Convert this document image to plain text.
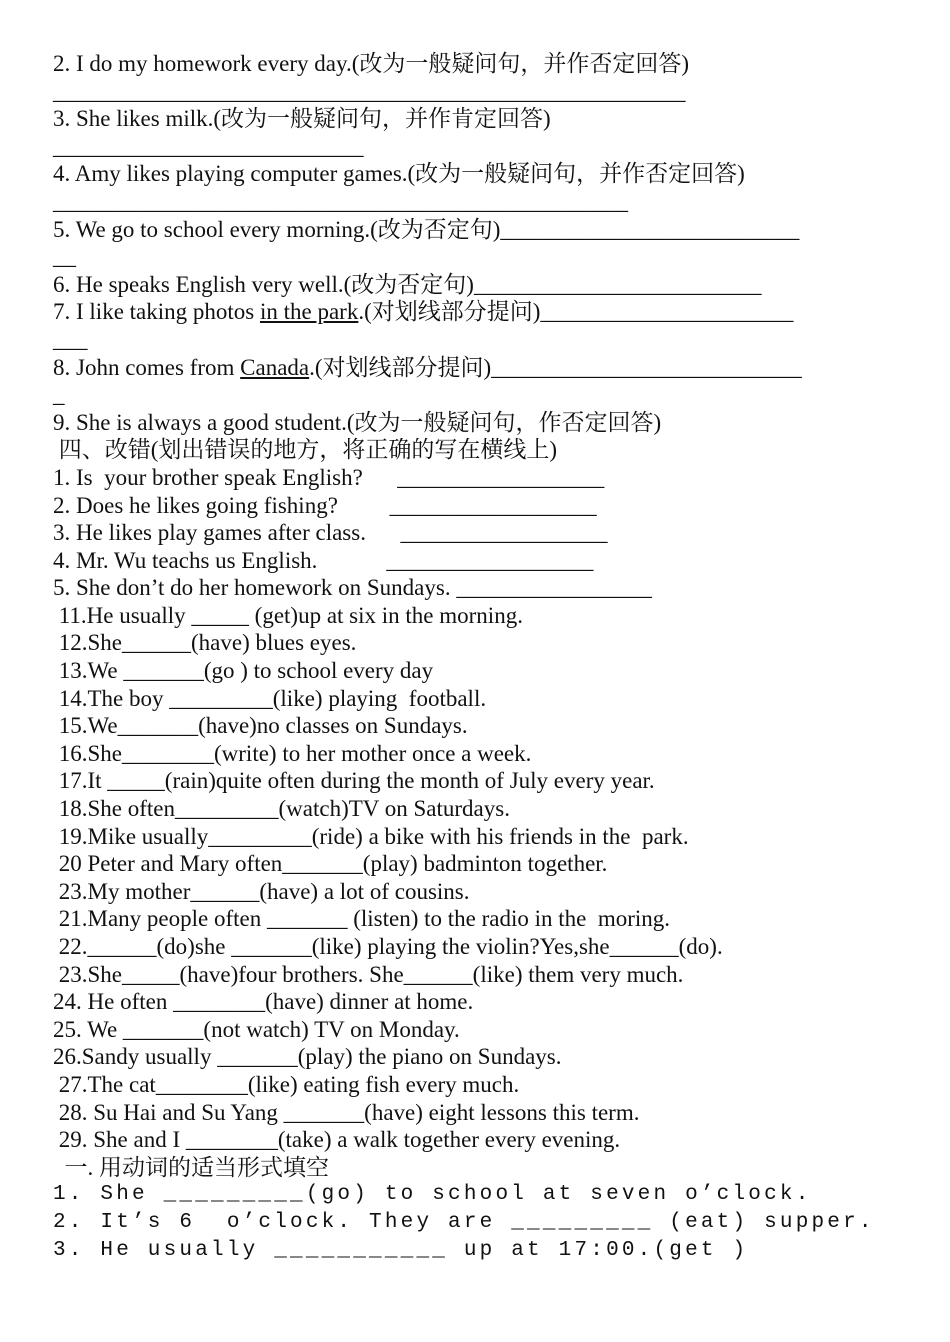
2. I do my homework every day.(改为一般疑问句，并作否定回答)
_______________________________________________________
3. She likes milk.(改为一般疑问句，并作肯定回答)
___________________________
4. Amy likes playing computer games.(改为一般疑问句，并作否定回答)
__________________________________________________
5. We go to school every morning.(改为否定句)__________________________
__
6. He speaks English very well.(改为否定句)_________________________
7. I like taking photos in the park.(对划线部分提问)______________________
___
8. John comes from Canada.(对划线部分提问)___________________________
_
9. She is always a good student.(改为一般疑问句，作否定回答)
四、改错(划出错误的地方，将正确的写在横线上)
1. Is  your brother speak English?      __________________
2. Does he likes going fishing?         __________________
3. He likes play games after class.      __________________
4. Mr. Wu teachs us English.            __________________
5. She don’t do her homework on Sundays. _________________
11.He usually _____ (get)up at six in the morning.
12.She______(have) blues eyes.
13.We _______(go ) to school every day
14.The boy _________(like) playing  football.
15.We_______(have)no classes on Sundays.
16.She________(write) to her mother once a week.
17.It _____(rain)quite often during the month of July every year.
18.She often_________(watch)TV on Saturdays.
19.Mike usually_________(ride) a bike with his friends in the  park.
20 Peter and Mary often_______(play) badminton together.
23.My mother______(have) a lot of cousins.
21.Many people often _______ (listen) to the radio in the  moring.
22.______(do)she _______(like) playing the violin?Yes,she______(do).
23.She_____(have)four brothers. She______(like) them very much.
24. He often ________(have) dinner at home.
25. We _______(not watch) TV on Monday.
26.Sandy usually _______(play) the piano on Sundays.
27.The cat________(like) eating fish every much.
28. Su Hai and Su Yang _______(have) eight lessons this term.
29. She and I ________(take) a walk together every evening.
一. 用动词的适当形式填空
1. She _________(go) to school at seven o’clock.
2. It’s 6  o’clock. They are _________ (eat) supper.
3. He usually ___________ up at 17:00.(get )
